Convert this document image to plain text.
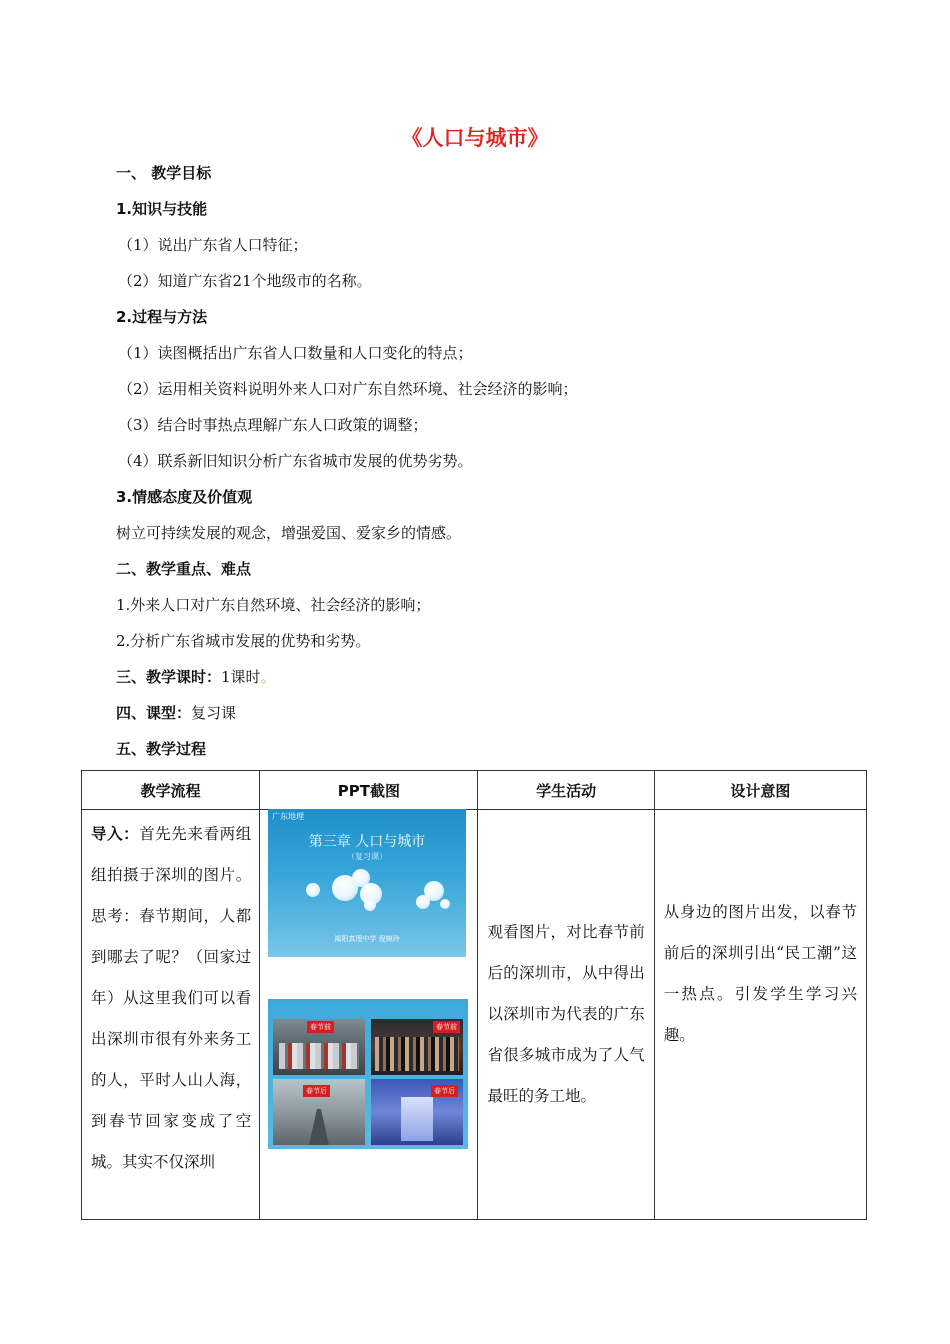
《人口与城市》
一、 教学目标
1.知识与技能
（1）说出广东省人口特征；
（2）知道广东省21个地级市的名称。
2.过程与方法
（1）读图概括出广东省人口数量和人口变化的特点；
（2）运用相关资料说明外来人口对广东自然环境、社会经济的影响；
（3）结合时事热点理解广东人口政策的调整；
（4）联系新旧知识分析广东省城市发展的优势劣势。
3.情感态度及价值观
树立可持续发展的观念，增强爱国、爱家乡的情感。
二、教学重点、难点
1.外来人口对广东自然环境、社会经济的影响；
2.分析广东省城市发展的优势和劣势。
三、教学课时：1课时。
四、课型：复习课
五、教学过程
教学流程	PPT截图	学生活动	设计意图

导入：首先先来看两组组拍摄于深圳的图片。思考：春节期间，人都到哪去了呢？（回家过年）从这里我们可以看出深圳市很有外来务工的人，平时人山人海，到春节回家变成了空城。其实不仅深圳		观看图片，对比春节前后的深圳市，从中得出以深圳市为代表的广东省很多城市成为了人气最旺的务工地。	从身边的图片出发，以春节前后的深圳引出“民工潮”这一热点。引发学生学习兴趣。
广东地理
第三章 人口与城市
（复习课）
揭阳真理中学 倪婉玲
春节前	春节前
春节后	春节后
